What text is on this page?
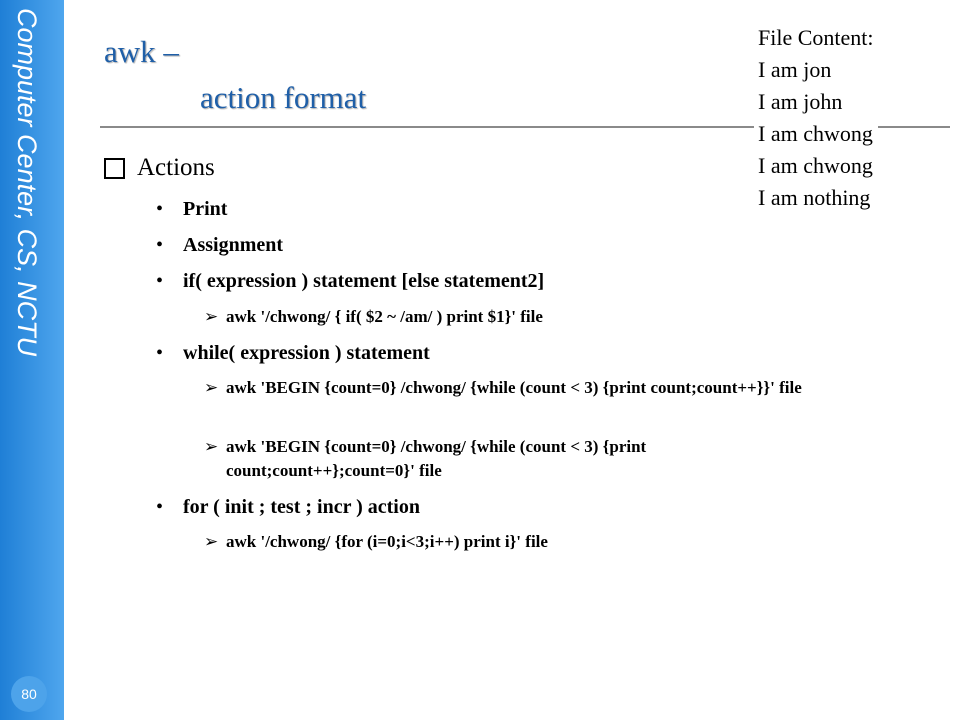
Computer Center, CS, NCTU
80
awk –
action format
File Content:
I am jon
I am john
I am chwong
I am chwong
I am nothing
Actions
• Print
• Assignment
• if( expression ) statement [else statement2]
➢ awk '/chwong/ { if( $2 ~ /am/ ) print $1}' file
• while( expression ) statement
➢ awk 'BEGIN {count=0} /chwong/ {while (count < 3) {print count;count++}}' file
➢ awk 'BEGIN {count=0} /chwong/ {while (count < 3) {print count;count++};count=0}' file
• for ( init ; test ; incr ) action
➢ awk '/chwong/ {for (i=0;i<3;i++) print i}' file
